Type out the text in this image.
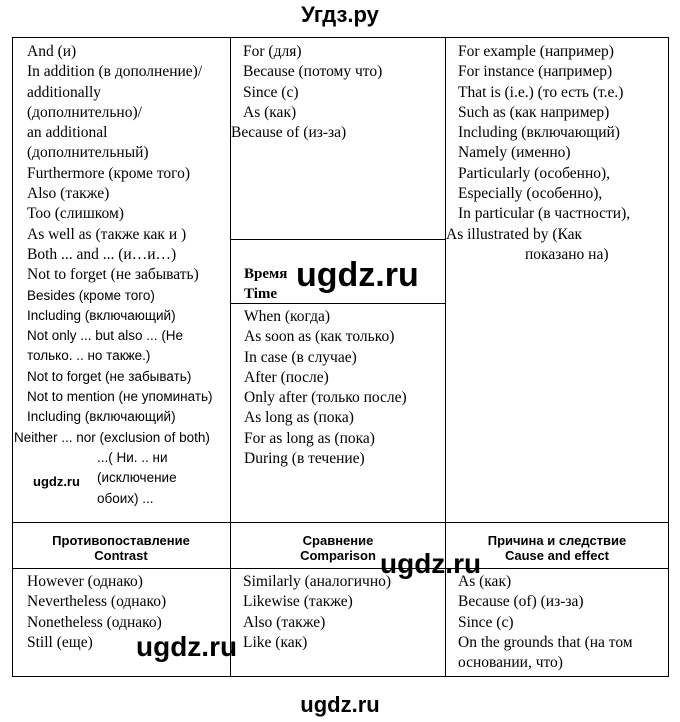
Угдз.ру
And (и)
In addition (в дополнение)/
additionally
(дополнительно)/
an additional
(дополнительный)
Furthermore (кроме того)
Also (также)
Too (слишком)
As well as (также как и )
Both ... and ... (и…и…)
Not to forget (не забывать)
Besides (кроме того)
Including (включающий)
Not only ... but also ... (Не
только. .. но также.)
Not to forget (не забывать)
Not to mention (не упоминать)
Including (включающий)
Neither ... nor (exclusion of both)
...( Ни. .. ни
(исключение
обоих) ...
For (для)
Because (потому что)
Since (с)
As (как)
Because of (из-за)
Время
Time
When (когда)
As soon as (как только)
In case (в случае)
After (после)
Only after (только после)
As long as (пока)
For as long as (пока)
During (в течение)
For example (например)
For instance (например)
That is (i.e.) (то есть (т.е.)
Such as (как например)
Including (включающий)
Namely (именно)
Particularly (особенно),
Especially (особенно),
In particular (в частности),
As illustrated by (Как
показано на)
Противопоставление
Contrast
Сравнение
Comparison
Причина и следствие
Cause and effect
However (однако)
Nevertheless (однако)
Nonetheless (однако)
Still (еще)
Similarly (аналогично)
Likewise (также)
Also (также)
Like (как)
As (как)
Because (of) (из-за)
Since (с)
On the grounds that (на том
основании, что)
ugdz.ru
ugdz.ru
ugdz.ru
ugdz.ru
ugdz.ru
